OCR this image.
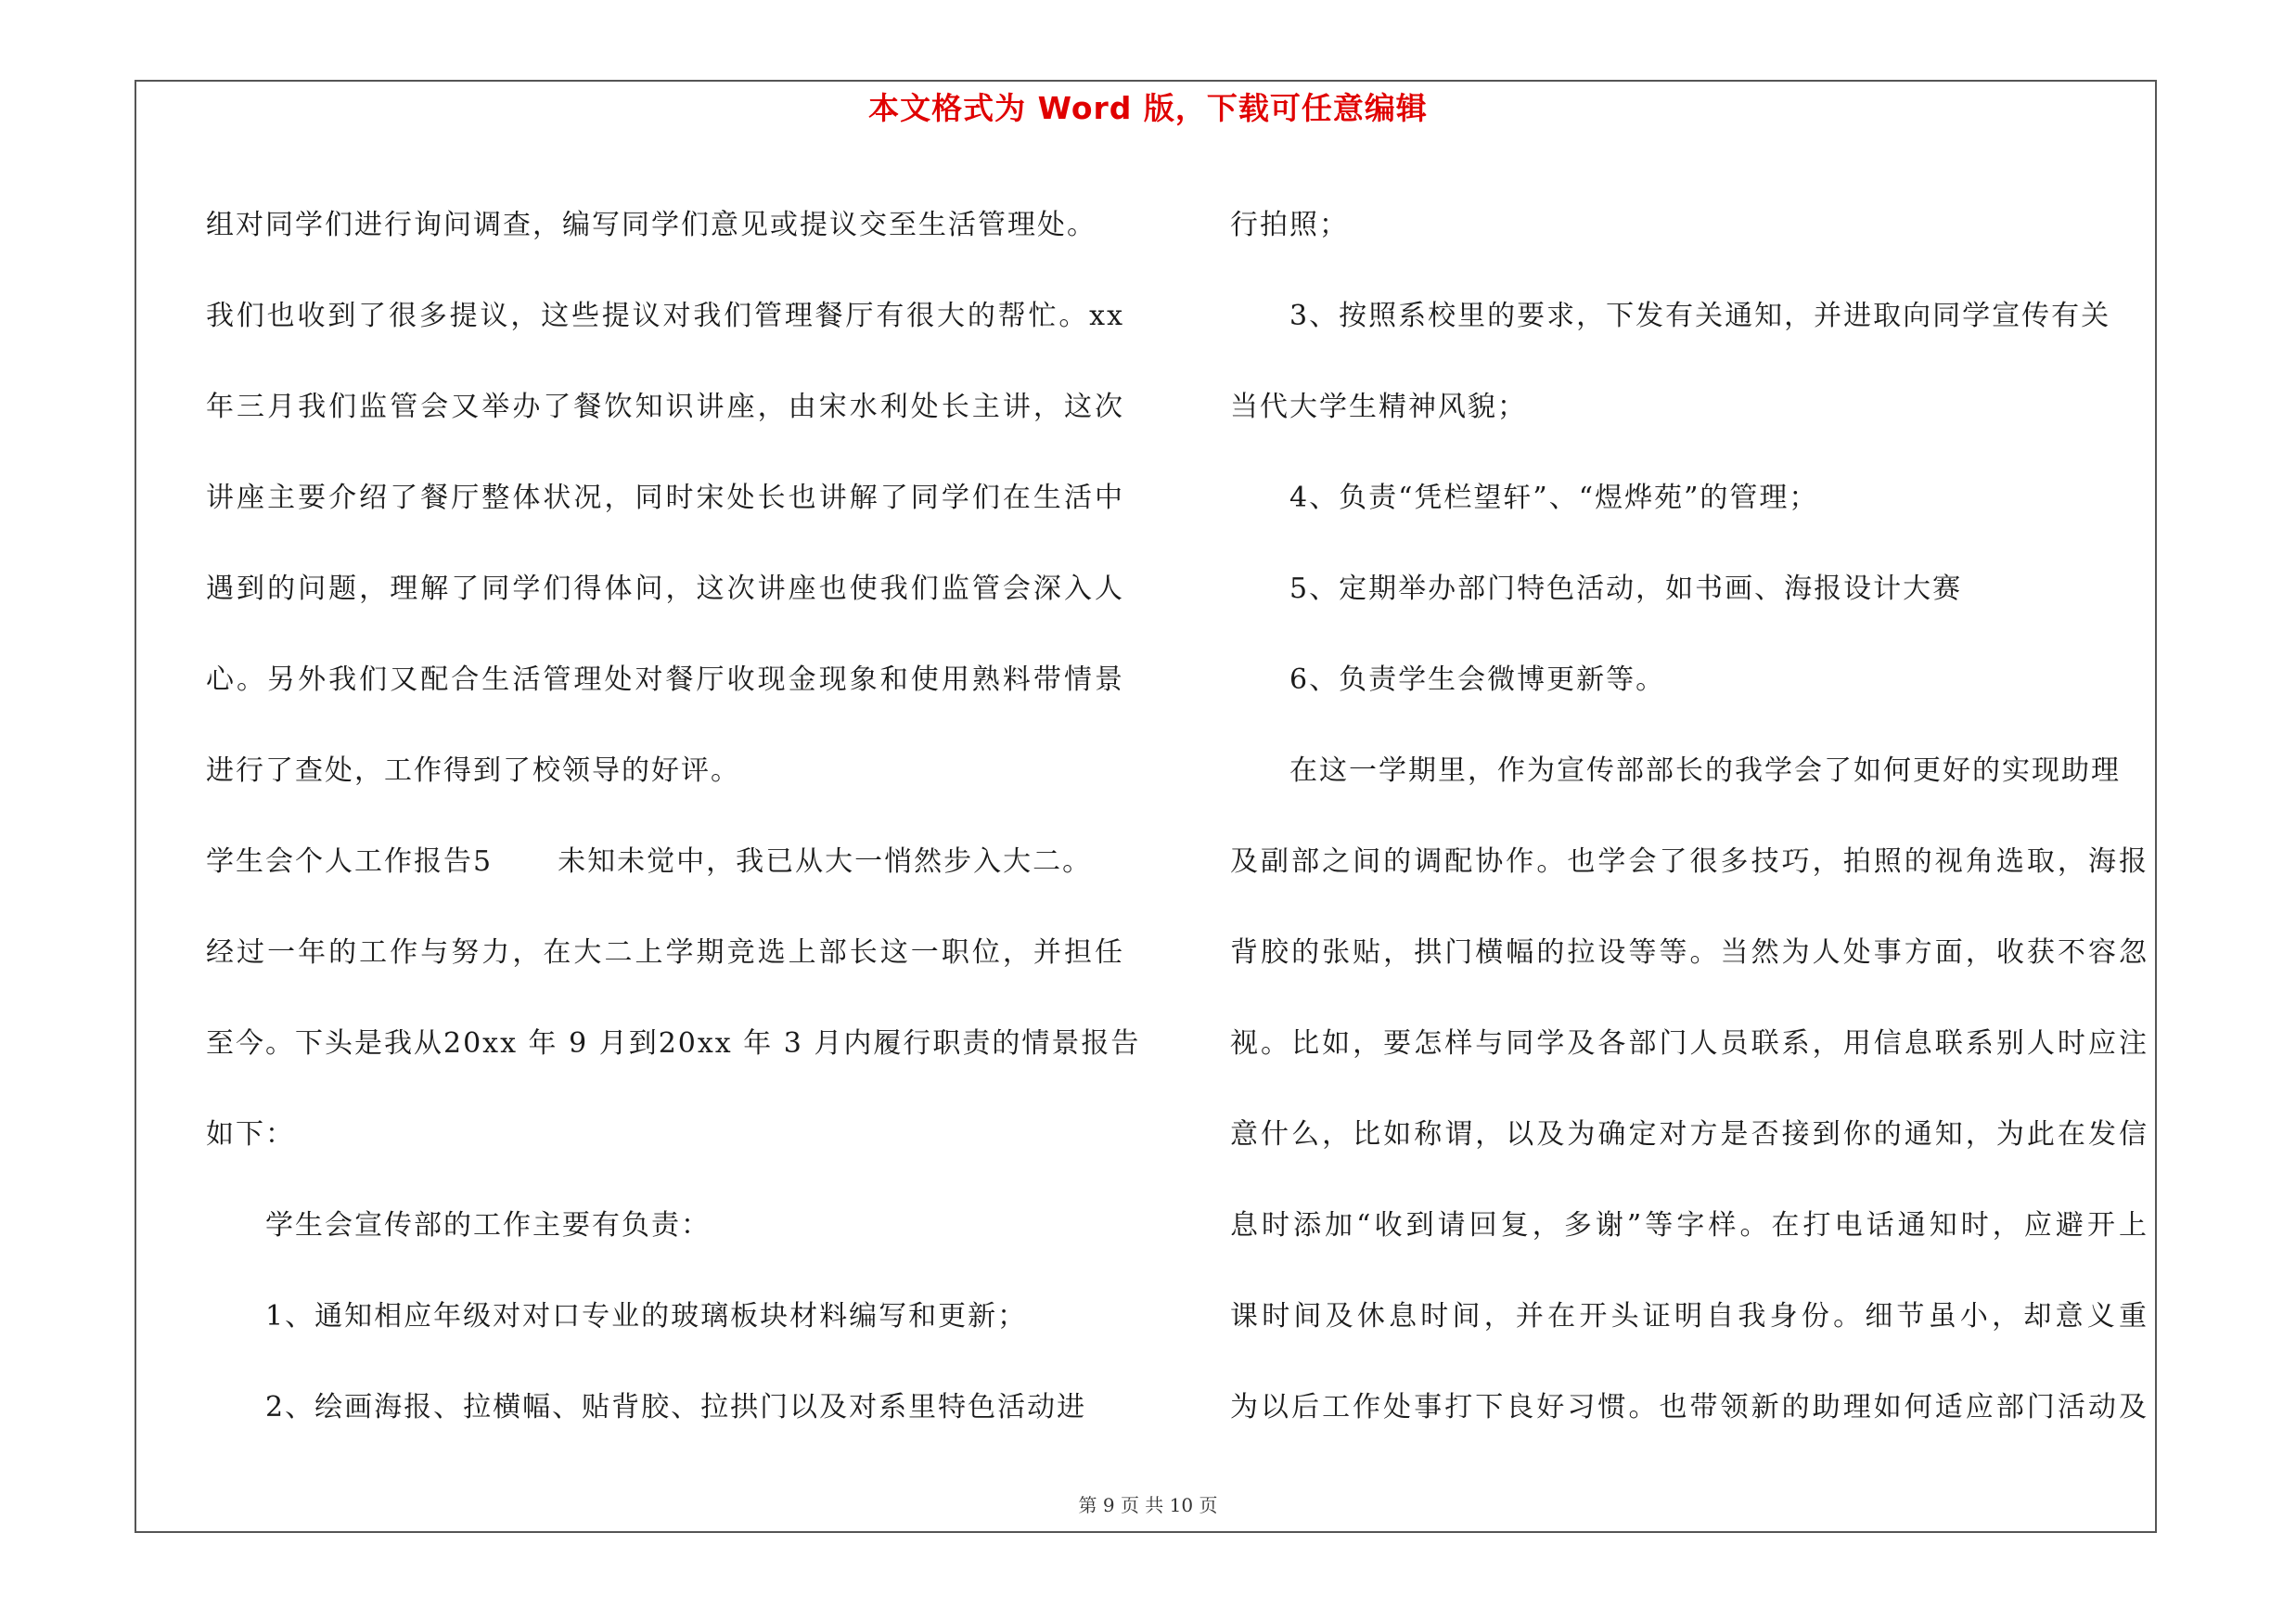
本文格式为 Word 版，下载可任意编辑
组对同学们进行询问调查，编写同学们意见或提议交至生活管理处。
我们也收到了很多提议，这些提议对我们管理餐厅有很大的帮忙。xx
年三月我们监管会又举办了餐饮知识讲座，由宋水利处长主讲，这次
讲座主要介绍了餐厅整体状况，同时宋处长也讲解了同学们在生活中
遇到的问题，理解了同学们得体问，这次讲座也使我们监管会深入人
心。另外我们又配合生活管理处对餐厅收现金现象和使用熟料带情景
进行了查处，工作得到了校领导的好评。
学生会个人工作报告5 未知未觉中，我已从大一悄然步入大二。
经过一年的工作与努力，在大二上学期竞选上部长这一职位，并担任
至今。下头是我从20xx 年 9 月到20xx 年 3 月内履行职责的情景报告
如下：
学生会宣传部的工作主要有负责：
1、通知相应年级对对口专业的玻璃板块材料编写和更新；
2、绘画海报、拉横幅、贴背胶、拉拱门以及对系里特色活动进
行拍照；
3、按照系校里的要求，下发有关通知，并进取向同学宣传有关
当代大学生精神风貌；
4、负责“凭栏望轩”、“煜烨苑”的管理；
5、定期举办部门特色活动，如书画、海报设计大赛
6、负责学生会微博更新等。
在这一学期里，作为宣传部部长的我学会了如何更好的实现助理
及副部之间的调配协作。也学会了很多技巧，拍照的视角选取，海报
背胶的张贴，拱门横幅的拉设等等。当然为人处事方面，收获不容忽
视。比如，要怎样与同学及各部门人员联系，用信息联系别人时应注
意什么，比如称谓，以及为确定对方是否接到你的通知，为此在发信
息时添加“收到请回复，多谢”等字样。在打电话通知时，应避开上
课时间及休息时间，并在开头证明自我身份。细节虽小，却意义重
为以后工作处事打下良好习惯。也带领新的助理如何适应部门活动及
第 9 页 共 10 页
